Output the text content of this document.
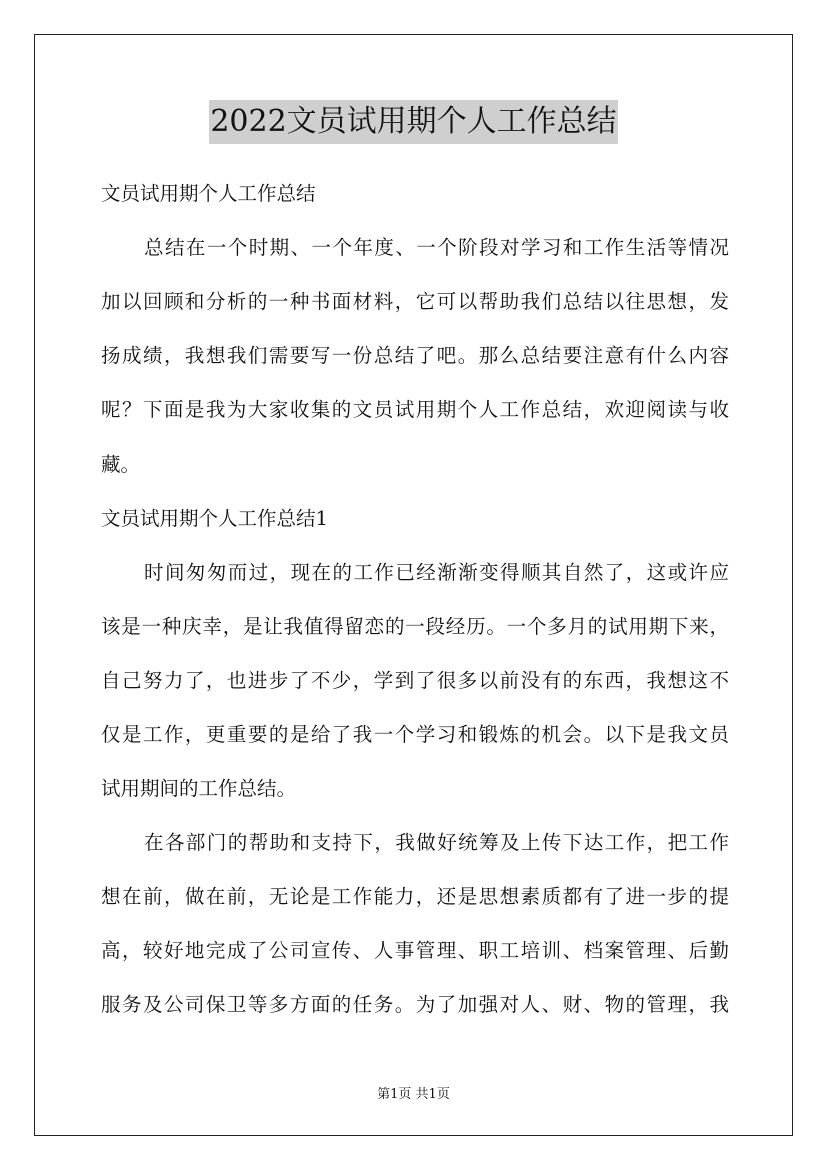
2022文员试用期个人工作总结
文员试用期个人工作总结
总结在一个时期、一个年度、一个阶段对学习和工作生活等情况
加以回顾和分析的一种书面材料，它可以帮助我们总结以往思想，发
扬成绩，我想我们需要写一份总结了吧。那么总结要注意有什么内容
呢？下面是我为大家收集的文员试用期个人工作总结，欢迎阅读与收
藏。
文员试用期个人工作总结1
时间匆匆而过，现在的工作已经渐渐变得顺其自然了，这或许应
该是一种庆幸，是让我值得留恋的一段经历。一个多月的试用期下来，
自己努力了，也进步了不少，学到了很多以前没有的东西，我想这不
仅是工作，更重要的是给了我一个学习和锻炼的机会。以下是我文员
试用期间的工作总结。
在各部门的帮助和支持下，我做好统筹及上传下达工作，把工作
想在前，做在前，无论是工作能力，还是思想素质都有了进一步的提
高，较好地完成了公司宣传、人事管理、职工培训、档案管理、后勤
服务及公司保卫等多方面的任务。为了加强对人、财、物的管理，我
第1页 共1页
